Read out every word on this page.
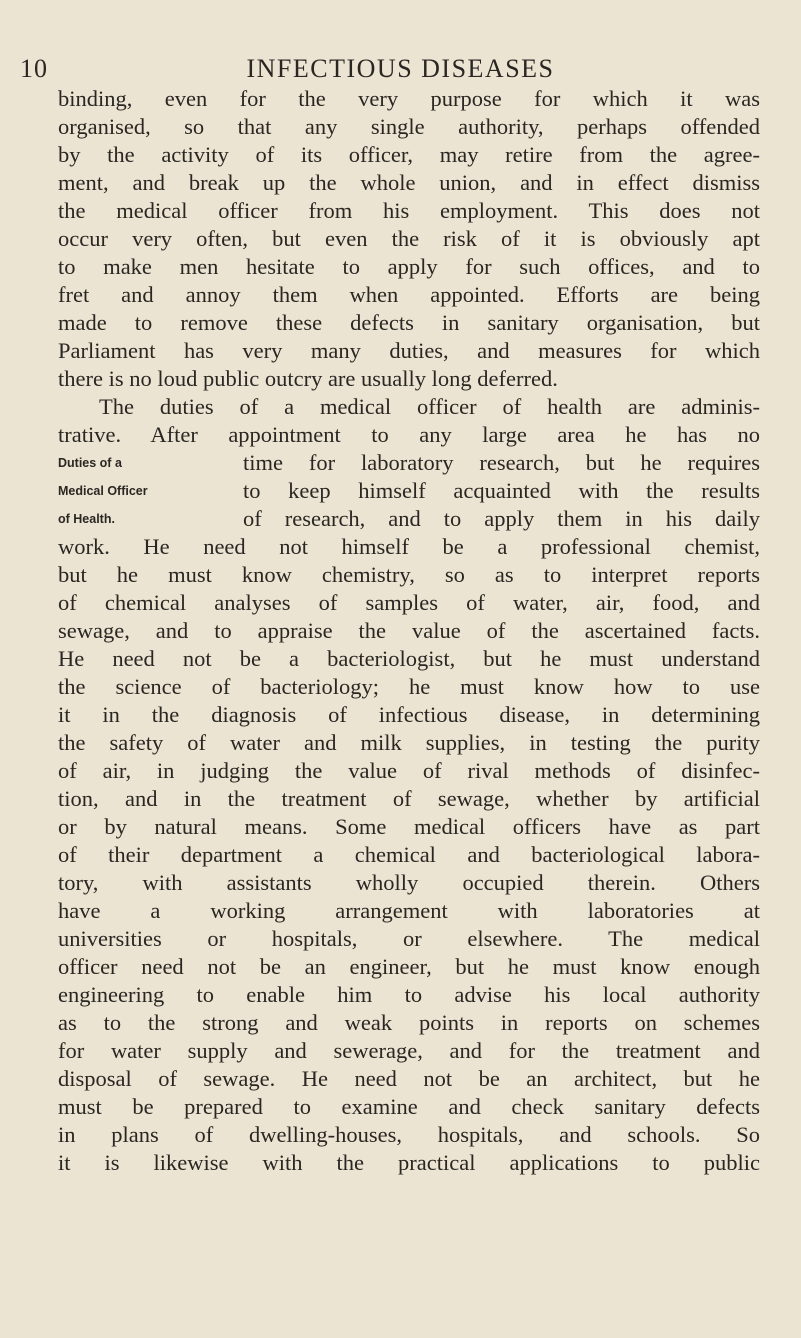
10	INFECTIOUS DISEASES
binding, even for the very purpose for which it was
organised, so that any single authority, perhaps offended
by the activity of its officer, may retire from the agree-
ment, and break up the whole union, and in effect dismiss
the medical officer from his employment. This does not
occur very often, but even the risk of it is obviously apt
to make men hesitate to apply for such offices, and to
fret and annoy them when appointed. Efforts are being
made to remove these defects in sanitary organisation, but
Parliament has very many duties, and measures for which
there is no loud public outcry are usually long deferred.
The duties of a medical officer of health are adminis-
trative. After appointment to any large area he has no
Duties of a
Medical Officer
of Health.
time for laboratory research, but he requires
to keep himself acquainted with the results
of research, and to apply them in his daily
work. He need not himself be a professional chemist,
but he must know chemistry, so as to interpret reports
of chemical analyses of samples of water, air, food, and
sewage, and to appraise the value of the ascertained facts.
He need not be a bacteriologist, but he must understand
the science of bacteriology; he must know how to use
it in the diagnosis of infectious disease, in determining
the safety of water and milk supplies, in testing the purity
of air, in judging the value of rival methods of disinfec-
tion, and in the treatment of sewage, whether by artificial
or by natural means. Some medical officers have as part
of their department a chemical and bacteriological labora-
tory, with assistants wholly occupied therein. Others
have a working arrangement with laboratories at
universities or hospitals, or elsewhere. The medical
officer need not be an engineer, but he must know enough
engineering to enable him to advise his local authority
as to the strong and weak points in reports on schemes
for water supply and sewerage, and for the treatment and
disposal of sewage. He need not be an architect, but he
must be prepared to examine and check sanitary defects
in plans of dwelling-houses, hospitals, and schools. So
it is likewise with the practical applications to public
